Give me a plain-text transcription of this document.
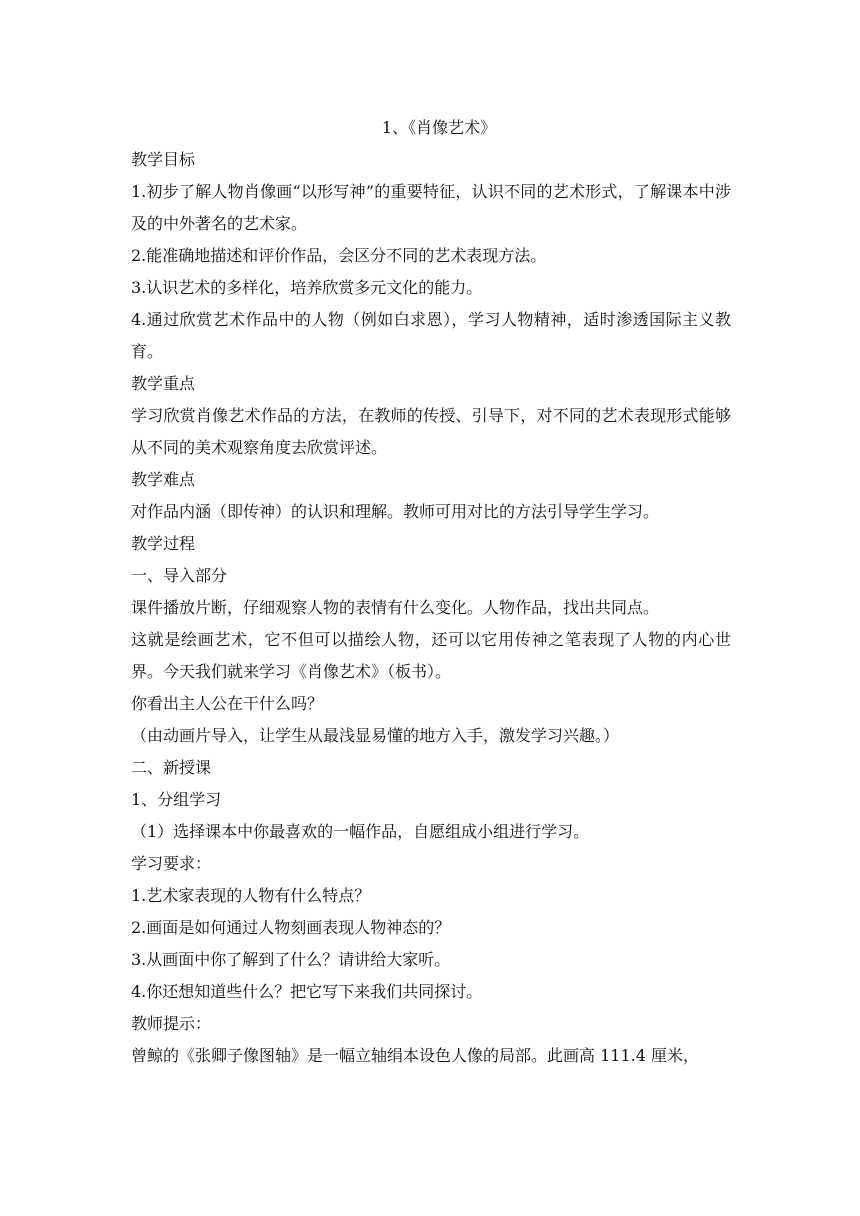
1、《肖像艺术》

教学目标

1.初步了解人物肖像画“以形写神”的重要特征，认识不同的艺术形式，了解课本中涉及的中外著名的艺术家。

2.能准确地描述和评价作品，会区分不同的艺术表现方法。

3.认识艺术的多样化，培养欣赏多元文化的能力。

4.通过欣赏艺术作品中的人物（例如白求恩），学习人物精神，适时渗透国际主义教育。

教学重点

学习欣赏肖像艺术作品的方法，在教师的传授、引导下，对不同的艺术表现形式能够从不同的美术观察角度去欣赏评述。

教学难点

对作品内涵（即传神）的认识和理解。教师可用对比的方法引导学生学习。

教学过程

一、导入部分

课件播放片断，仔细观察人物的表情有什么变化。人物作品，找出共同点。

这就是绘画艺术，它不但可以描绘人物，还可以它用传神之笔表现了人物的内心世界。今天我们就来学习《肖像艺术》（板书）。

你看出主人公在干什么吗？

（由动画片导入，让学生从最浅显易懂的地方入手，激发学习兴趣。）

二、新授课

1、分组学习

（1）选择课本中你最喜欢的一幅作品，自愿组成小组进行学习。

学习要求：

1.艺术家表现的人物有什么特点？

2.画面是如何通过人物刻画表现人物神态的？

3.从画面中你了解到了什么？请讲给大家听。

4.你还想知道些什么？把它写下来我们共同探讨。

教师提示：

曾鲸的《张卿子像图轴》是一幅立轴绢本设色人像的局部。此画高 111.4 厘米，
